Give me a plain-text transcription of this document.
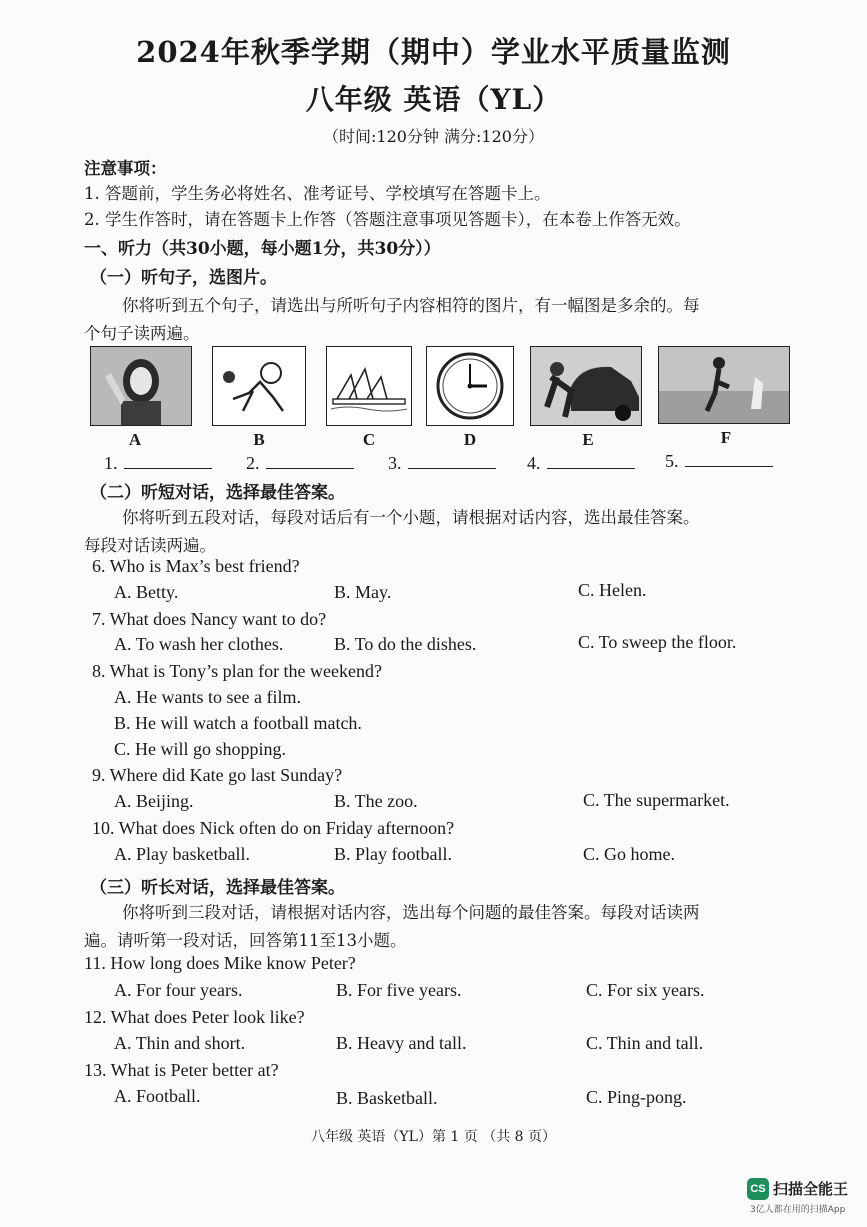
2024年秋季学期（期中）学业水平质量监测
八年级 英语（YL）
（时间:120分钟 满分:120分）
注意事项：
1. 答题前，学生务必将姓名、准考证号、学校填写在答题卡上。
2. 学生作答时，请在答题卡上作答（答题注意事项见答题卡），在本卷上作答无效。
一、听力（共30小题，每小题1分，共30分））
（一）听句子，选图片。
你将听到五个句子，请选出与所听句子内容相符的图片，有一幅图是多余的。每
个句子读两遍。
A	B	C	D	E	F
1.	2.	3.	4.	5.
（二）听短对话，选择最佳答案。
你将听到五段对话，每段对话后有一个小题，请根据对话内容，选出最佳答案。
每段对话读两遍。
6. Who is Max’s best friend?
A. Betty.	B. May.	C. Helen.
7. What does Nancy want to do?
A. To wash her clothes.	B. To do the dishes.	C. To sweep the floor.
8. What is Tony’s plan for the weekend?
A. He wants to see a film.
B. He will watch a football match.
C. He will go shopping.
9. Where did Kate go last Sunday?
A. Beijing.	B. The zoo.	C. The supermarket.
10. What does Nick often do on Friday afternoon?
A. Play basketball.	B. Play football.	C. Go home.
（三）听长对话，选择最佳答案。
你将听到三段对话，请根据对话内容，选出每个问题的最佳答案。每段对话读两
遍。请听第一段对话，回答第11至13小题。
11. How long does Mike know Peter?
A. For four years.	B. For five years.	C. For six years.
12. What does Peter look like?
A. Thin and short.	B. Heavy and tall.	C. Thin and tall.
13. What is Peter better at?
A. Football.	B. Basketball.	C. Ping-pong.
八年级 英语（YL）第 1 页 （共 8 页）
CS 扫描全能王
3亿人都在用的扫描App
